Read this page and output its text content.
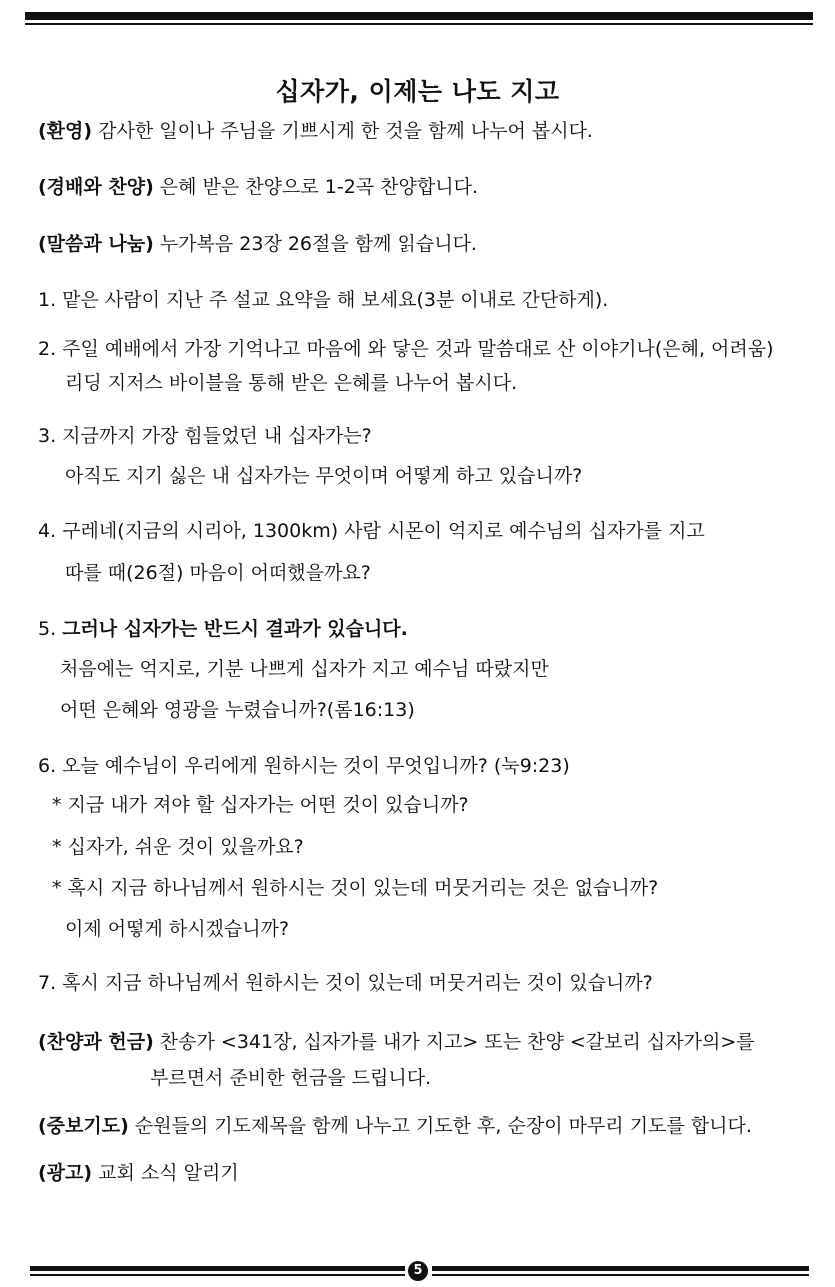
십자가, 이제는 나도 지고
(환영) 감사한 일이나 주님을 기쁘시게 한 것을 함께 나누어 봅시다.
(경배와 찬양) 은혜 받은 찬양으로 1-2곡 찬양합니다.
(말씀과 나눔) 누가복음 23장 26절을 함께 읽습니다.
1. 맡은 사람이 지난 주 설교 요약을 해 보세요(3분 이내로 간단하게).
2. 주일 예배에서 가장 기억나고 마음에 와 닿은 것과 말씀대로 산 이야기나(은혜, 어려움)
리딩 지저스 바이블을 통해 받은 은혜를 나누어 봅시다.
3. 지금까지 가장 힘들었던 내 십자가는?
아직도 지기 싫은 내 십자가는 무엇이며 어떻게 하고 있습니까?
4. 구레네(지금의 시리아, 1300km) 사람 시몬이 억지로 예수님의 십자가를 지고
따를 때(26절) 마음이 어떠했을까요?
5. 그러나 십자가는 반드시 결과가 있습니다.
처음에는 억지로, 기분 나쁘게 십자가 지고 예수님 따랐지만
어떤 은혜와 영광을 누렸습니까?(롬16:13)
6. 오늘 예수님이 우리에게 원하시는 것이 무엇입니까? (눅9:23)
* 지금 내가 져야 할 십자가는 어떤 것이 있습니까?
* 십자가, 쉬운 것이 있을까요?
* 혹시 지금 하나님께서 원하시는 것이 있는데 머뭇거리는 것은 없습니까?
이제 어떻게 하시겠습니까?
7. 혹시 지금 하나님께서 원하시는 것이 있는데 머뭇거리는 것이 있습니까?
(찬양과 헌금) 찬송가 <341장, 십자가를 내가 지고> 또는 찬양 <갈보리 십자가의>를
부르면서 준비한 헌금을 드립니다.
(중보기도) 순원들의 기도제목을 함께 나누고 기도한 후, 순장이 마무리 기도를 합니다.
(광고) 교회 소식 알리기
5
